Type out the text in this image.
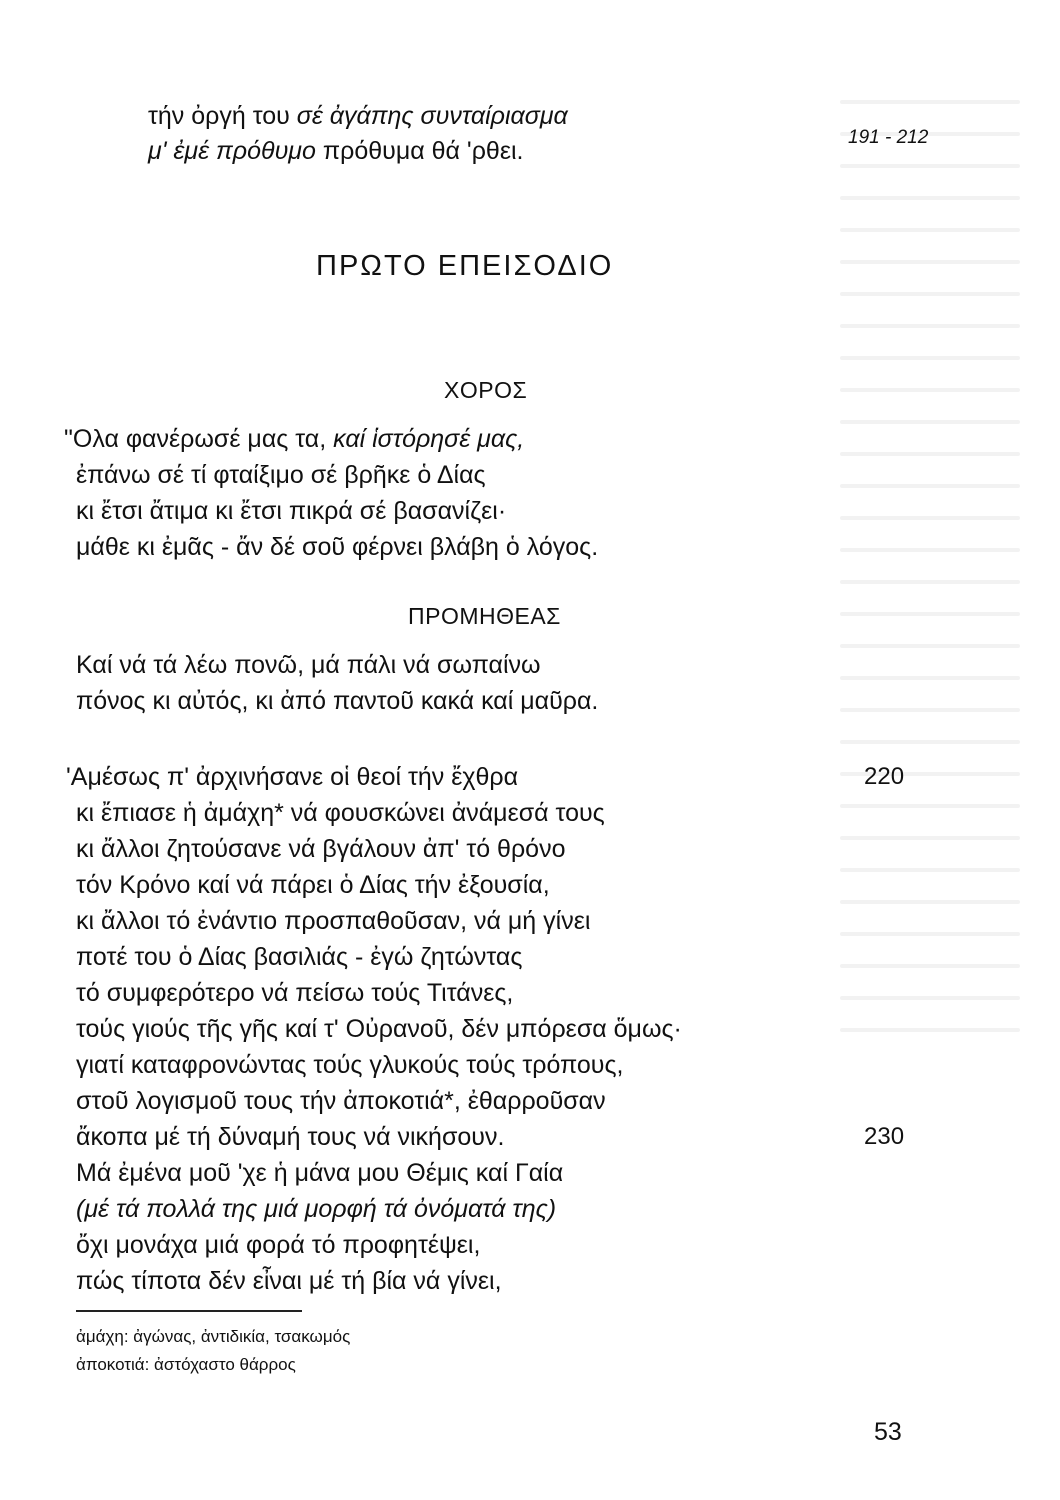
191 - 212
τήν ὀργή του σέ ἀγάπης συνταίριασμα
μ' ἐμέ πρόθυμο πρόθυμα θά 'ρθει.
ΠΡΩΤΟ ΕΠΕΙΣΟΔΙΟ
ΧΟΡΟΣ
"Ολα φανέρωσέ μας τα, καί ἱστόρησέ μας,
ἐπάνω σέ τί φταίξιμο σέ βρῆκε ὁ Δίας
κι ἔτσι ἄτιμα κι ἔτσι πικρά σέ βασανίζει·
μάθε κι ἐμᾶς - ἄν δέ σοῦ φέρνει βλάβη ὁ λόγος.
ΠΡΟΜΗΘΕΑΣ
Καί νά τά λέω πονῶ, μά πάλι νά σωπαίνω
πόνος κι αὐτός, κι ἀπό παντοῦ κακά καί μαῦρα.
'Αμέσως π' ἀρχινήσανε οἱ θεοί τήν ἔχθρα	220
κι ἔπιασε ἡ ἀμάχη* νά φουσκώνει ἀνάμεσά τους
κι ἄλλοι ζητούσανε νά βγάλουν ἀπ' τό θρόνο
τόν Κρόνο καί νά πάρει ὁ Δίας τήν ἐξουσία,
κι ἄλλοι τό ἐνάντιο προσπαθοῦσαν, νά μή γίνει
ποτέ του ὁ Δίας βασιλιάς - ἐγώ ζητώντας
τό συμφερότερο νά πείσω τούς Τιτάνες,
τούς γιούς τῆς γῆς καί τ' Οὐρανοῦ, δέν μπόρεσα ὅμως·
γιατί καταφρονώντας τούς γλυκούς τούς τρόπους,
στοῦ λογισμοῦ τους τήν ἀποκοτιά*, ἐθαρροῦσαν
ἄκοπα μέ τή δύναμή τους νά νικήσουν.	230
Μά ἐμένα μοῦ 'χε ἡ μάνα μου Θέμις καί Γαία
(μέ τά πολλά της μιά μορφή τά ὀνόματά της)
ὄχι μονάχα μιά φορά τό προφητέψει,
πώς τίποτα δέν εἶναι μέ τή βία νά γίνει,
ἀμάχη: ἀγώνας, ἀντιδικία, τσακωμός
ἀποκοτιά: ἀστόχαστο θάρρος
53
